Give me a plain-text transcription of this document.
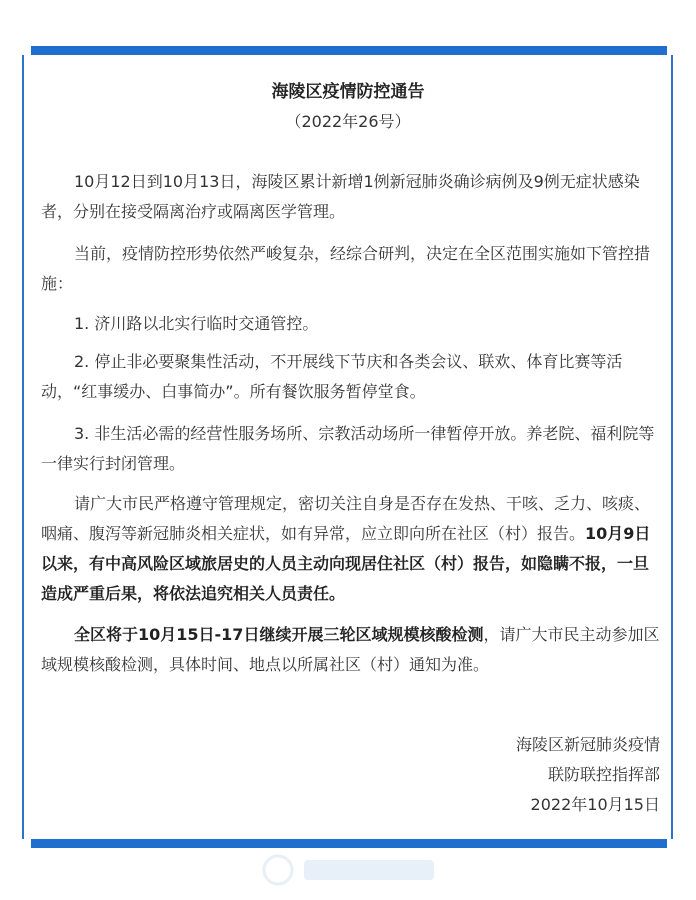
海陵区疫情防控通告
（2022年26号）

10月12日到10月13日，海陵区累计新增1例新冠肺炎确诊病例及9例无症状感染者，分别在接受隔离治疗或隔离医学管理。

当前，疫情防控形势依然严峻复杂，经综合研判，决定在全区范围实施如下管控措施：

1. 济川路以北实行临时交通管控。

2. 停止非必要聚集性活动，不开展线下节庆和各类会议、联欢、体育比赛等活动，“红事缓办、白事简办”。所有餐饮服务暂停堂食。

3. 非生活必需的经营性服务场所、宗教活动场所一律暂停开放。养老院、福利院等一律实行封闭管理。

请广大市民严格遵守管理规定，密切关注自身是否存在发热、干咳、乏力、咳痰、咽痛、腹泻等新冠肺炎相关症状，如有异常，应立即向所在社区（村）报告。10月9日以来，有中高风险区域旅居史的人员主动向现居住社区（村）报告，如隐瞒不报，一旦造成严重后果，将依法追究相关人员责任。

全区将于10月15日-17日继续开展三轮区域规模核酸检测，请广大市民主动参加区域规模核酸检测，具体时间、地点以所属社区（村）通知为准。

海陵区新冠肺炎疫情
联防联控指挥部
2022年10月15日
